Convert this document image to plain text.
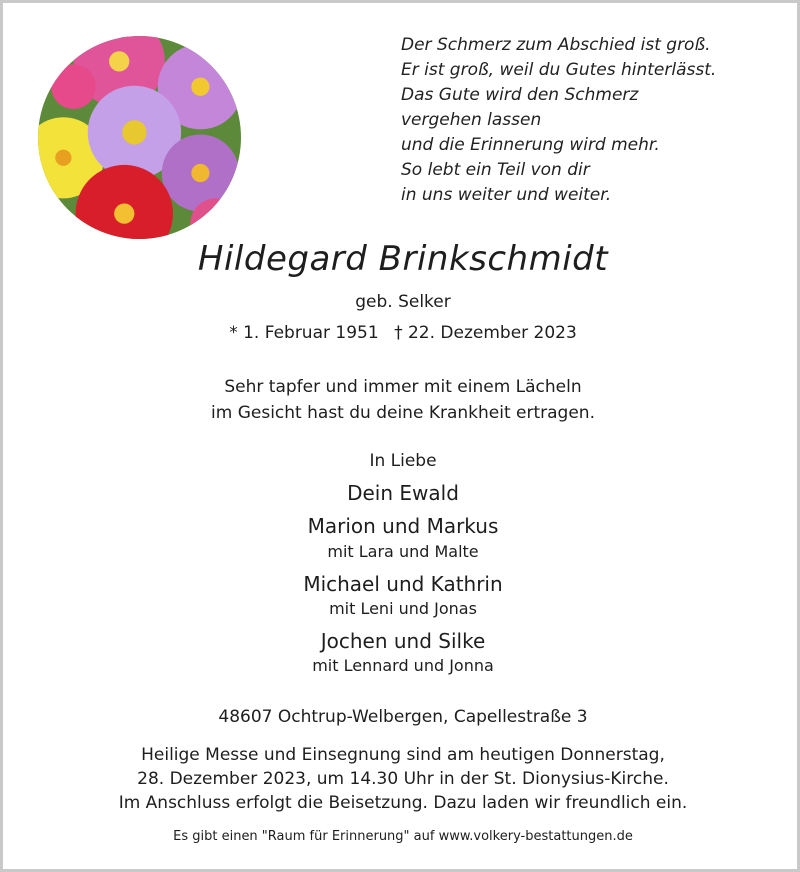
Der Schmerz zum Abschied ist groß.
Er ist groß, weil du Gutes hinterlässt.
Das Gute wird den Schmerz
vergehen lassen
und die Erinnerung wird mehr.
So lebt ein Teil von dir
in uns weiter und weiter.
Hildegard Brinkschmidt
geb. Selker
* 1. Februar 1951 † 22. Dezember 2023
Sehr tapfer und immer mit einem Lächeln
im Gesicht hast du deine Krankheit ertragen.
In Liebe
Dein Ewald
Marion und Markus
mit Lara und Malte
Michael und Kathrin
mit Leni und Jonas
Jochen und Silke
mit Lennard und Jonna
48607 Ochtrup-Welbergen, Capellestraße 3
Heilige Messe und Einsegnung sind am heutigen Donnerstag,
28. Dezember 2023, um 14.30 Uhr in der St. Dionysius-Kirche.
Im Anschluss erfolgt die Beisetzung. Dazu laden wir freundlich ein.
Es gibt einen "Raum für Erinnerung" auf www.volkery-bestattungen.de
